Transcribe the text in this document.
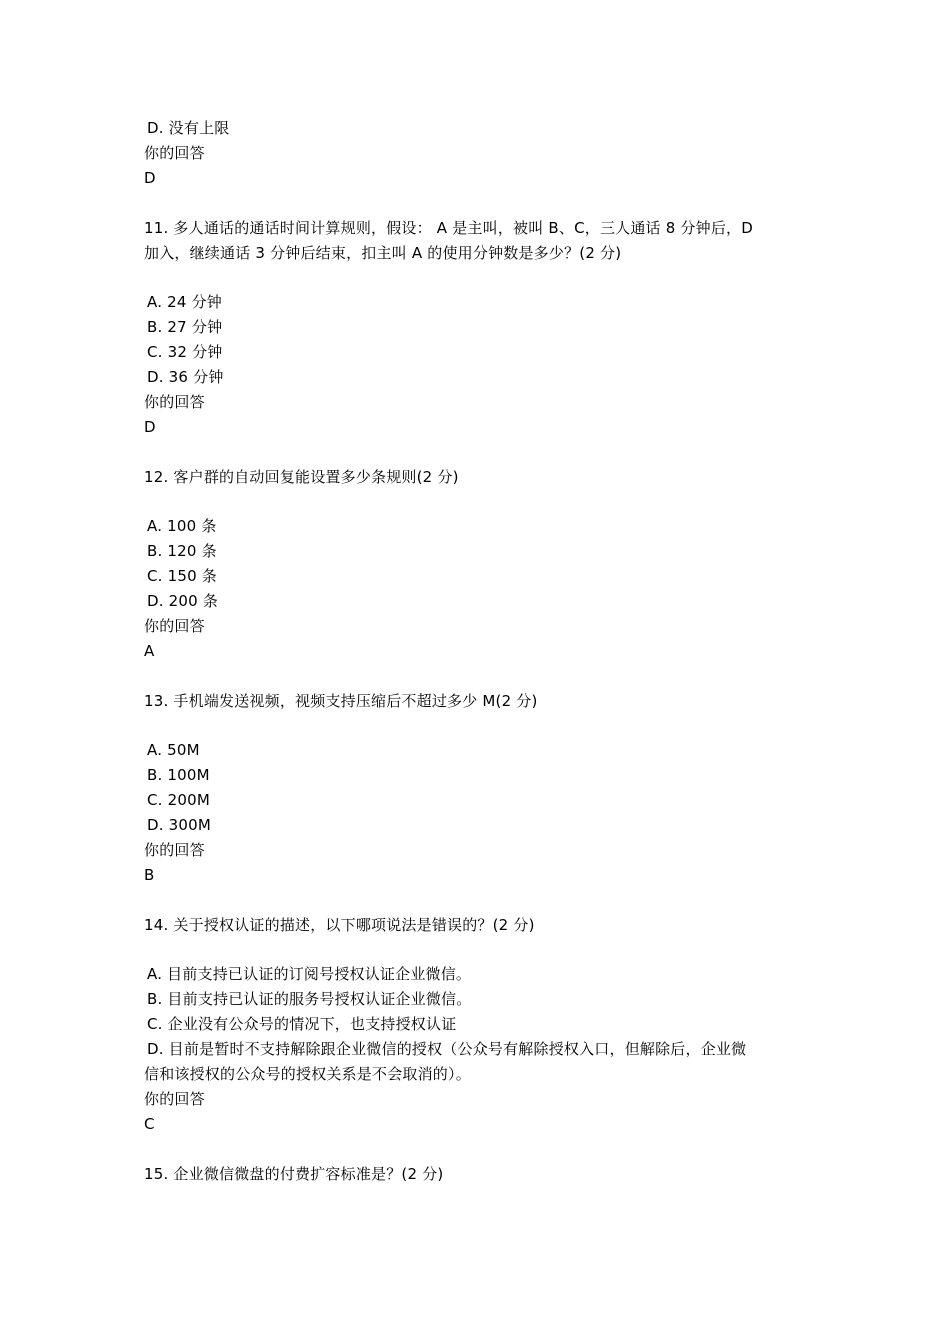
D. 没有上限
你的回答
D
11. 多人通话的通话时间计算规则，假设： A 是主叫，被叫 B、C，三人通话 8 分钟后，D
加入，继续通话 3 分钟后结束，扣主叫 A 的使用分钟数是多少？(2 分)
A. 24 分钟
B. 27 分钟
C. 32 分钟
D. 36 分钟
你的回答
D
12. 客户群的自动回复能设置多少条规则(2 分)
A. 100 条
B. 120 条
C. 150 条
D. 200 条
你的回答
A
13. 手机端发送视频，视频支持压缩后不超过多少 M(2 分)
A. 50M
B. 100M
C. 200M
D. 300M
你的回答
B
14. 关于授权认证的描述，以下哪项说法是错误的？(2 分)
A. 目前支持已认证的订阅号授权认证企业微信。
B. 目前支持已认证的服务号授权认证企业微信。
C. 企业没有公众号的情况下，也支持授权认证
D. 目前是暂时不支持解除跟企业微信的授权（公众号有解除授权入口，但解除后，企业微
信和该授权的公众号的授权关系是不会取消的）。
你的回答
C
15. 企业微信微盘的付费扩容标准是？(2 分)
